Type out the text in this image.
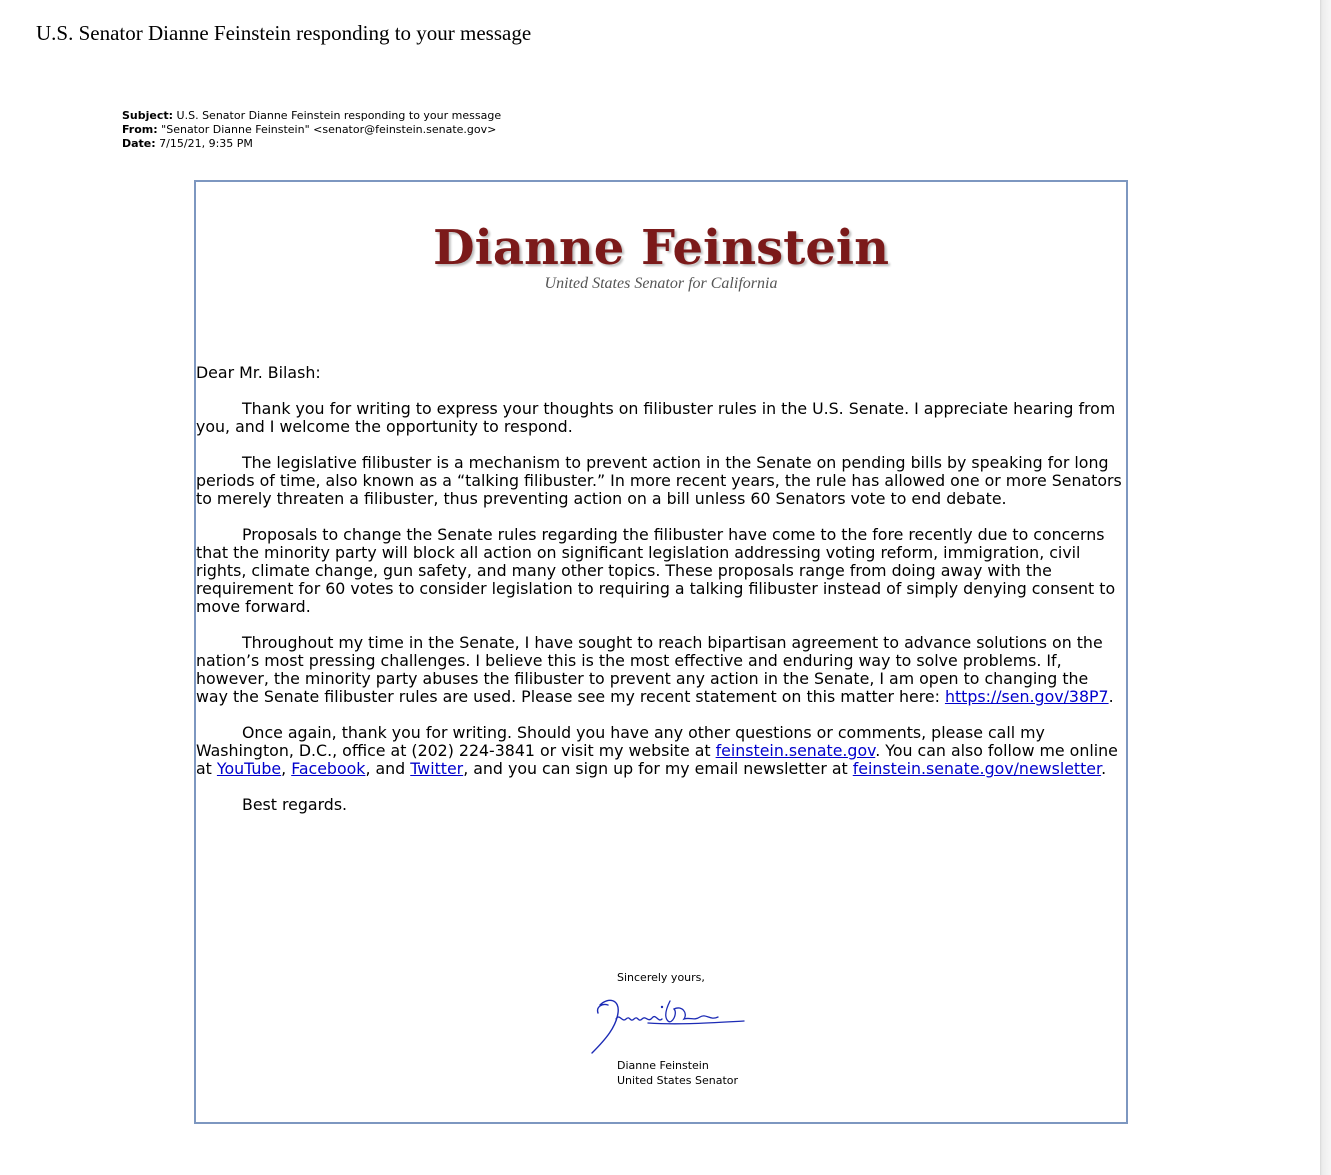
U.S. Senator Dianne Feinstein responding to your message
Subject: U.S. Senator Dianne Feinstein responding to your message
From: "Senator Dianne Feinstein" <senator@feinstein.senate.gov>
Date: 7/15/21, 9:35 PM
Dianne Feinstein
United States Senator for California

Dear Mr. Bilash:

Thank you for writing to express your thoughts on filibuster rules in the U.S. Senate. I appreciate hearing from you, and I welcome the opportunity to respond.

The legislative filibuster is a mechanism to prevent action in the Senate on pending bills by speaking for long periods of time, also known as a “talking filibuster.” In more recent years, the rule has allowed one or more Senators to merely threaten a filibuster, thus preventing action on a bill unless 60 Senators vote to end debate.

Proposals to change the Senate rules regarding the filibuster have come to the fore recently due to concerns that the minority party will block all action on significant legislation addressing voting reform, immigration, civil rights, climate change, gun safety, and many other topics. These proposals range from doing away with the requirement for 60 votes to consider legislation to requiring a talking filibuster instead of simply denying consent to move forward.

Throughout my time in the Senate, I have sought to reach bipartisan agreement to advance solutions on the nation’s most pressing challenges. I believe this is the most effective and enduring way to solve problems. If, however, the minority party abuses the filibuster to prevent any action in the Senate, I am open to changing the way the Senate filibuster rules are used. Please see my recent statement on this matter here: https://sen.gov/38P7.

Once again, thank you for writing. Should you have any other questions or comments, please call my Washington, D.C., office at (202) 224-3841 or visit my website at feinstein.senate.gov. You can also follow me online at YouTube, Facebook, and Twitter, and you can sign up for my email newsletter at feinstein.senate.gov/newsletter.

Best regards.

Sincerely yours,
Dianne Feinstein
United States Senator
